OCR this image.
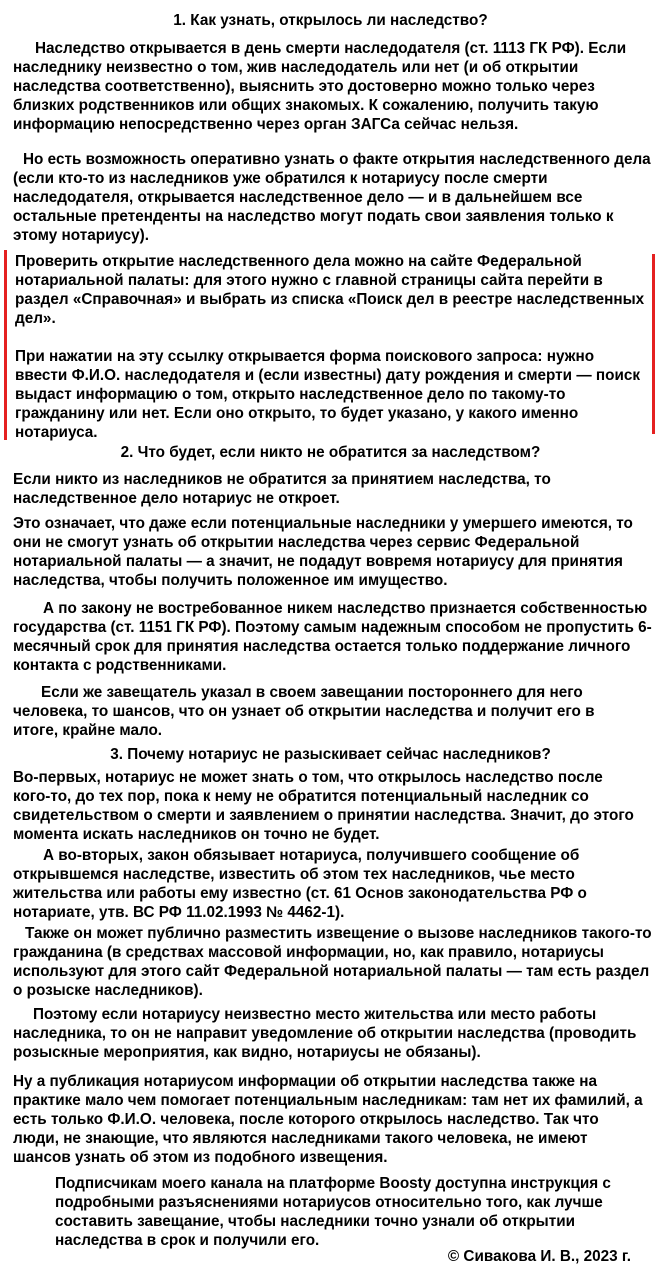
1. Как узнать, открылось ли наследство?

Наследство открывается в день смерти наследодателя (ст. 1113 ГК РФ). Если наследнику неизвестно о том, жив наследодатель или нет (и об открытии наследства соответственно), выяснить это достоверно можно только через близких родственников или общих знакомых. К сожалению, получить такую информацию непосредственно через орган ЗАГСа сейчас нельзя.

Но есть возможность оперативно узнать о факте открытия наследственного дела (если кто-то из наследников уже обратился к нотариусу после смерти наследодателя, открывается наследственное дело — и в дальнейшем все остальные претенденты на наследство могут подать свои заявления только к этому нотариусу).

Проверить открытие наследственного дела можно на сайте Федеральной нотариальной палаты: для этого нужно с главной страницы сайта перейти в раздел «Справочная» и выбрать из списка «Поиск дел в реестре наследственных дел».

При нажатии на эту ссылку открывается форма поискового запроса: нужно ввести Ф.И.О. наследодателя и (если известны) дату рождения и смерти — поиск выдаст информацию о том, открыто наследственное дело по такому-то гражданину или нет. Если оно открыто, то будет указано, у какого именно нотариуса.

2. Что будет, если никто не обратится за наследством?

Если никто из наследников не обратится за принятием наследства, то наследственное дело нотариус не откроет.

Это означает, что даже если потенциальные наследники у умершего имеются, то они не смогут узнать об открытии наследства через сервис Федеральной нотариальной палаты — а значит, не подадут вовремя нотариусу для принятия наследства, чтобы получить положенное им имущество.

А по закону не востребованное никем наследство признается собственностью государства (ст. 1151 ГК РФ). Поэтому самым надежным способом не пропустить 6-месячный срок для принятия наследства остается только поддержание личного контакта с родственниками.

Если же завещатель указал в своем завещании постороннего для него человека, то шансов, что он узнает об открытии наследства и получит его в итоге, крайне мало.

3. Почему нотариус не разыскивает сейчас наследников?

Во-первых, нотариус не может знать о том, что открылось наследство после кого-то, до тех пор, пока к нему не обратится потенциальный наследник со свидетельством о смерти и заявлением о принятии наследства. Значит, до этого момента искать наследников он точно не будет.

А во-вторых, закон обязывает нотариуса, получившего сообщение об открывшемся наследстве, известить об этом тех наследников, чье место жительства или работы ему известно (ст. 61 Основ законодательства РФ о нотариате, утв. ВС РФ 11.02.1993 № 4462-1).

Также он может публично разместить извещение о вызове наследников такого-то гражданина (в средствах массовой информации, но, как правило, нотариусы используют для этого сайт Федеральной нотариальной палаты — там есть раздел о розыске наследников).

Поэтому если нотариусу неизвестно место жительства или место работы наследника, то он не направит уведомление об открытии наследства (проводить розыскные мероприятия, как видно, нотариусы не обязаны).

Ну а публикация нотариусом информации об открытии наследства также на практике мало чем помогает потенциальным наследникам: там нет их фамилий, а есть только Ф.И.О. человека, после которого открылось наследство. Так что люди, не знающие, что являются наследниками такого человека, не имеют шансов узнать об этом из подобного извещения.

Подписчикам моего канала на платформе Boosty доступна инструкция с подробными разъяснениями нотариусов относительно того, как лучше составить завещание, чтобы наследники точно узнали об открытии наследства в срок и получили его.

© Сивакова И. В., 2023 г.
